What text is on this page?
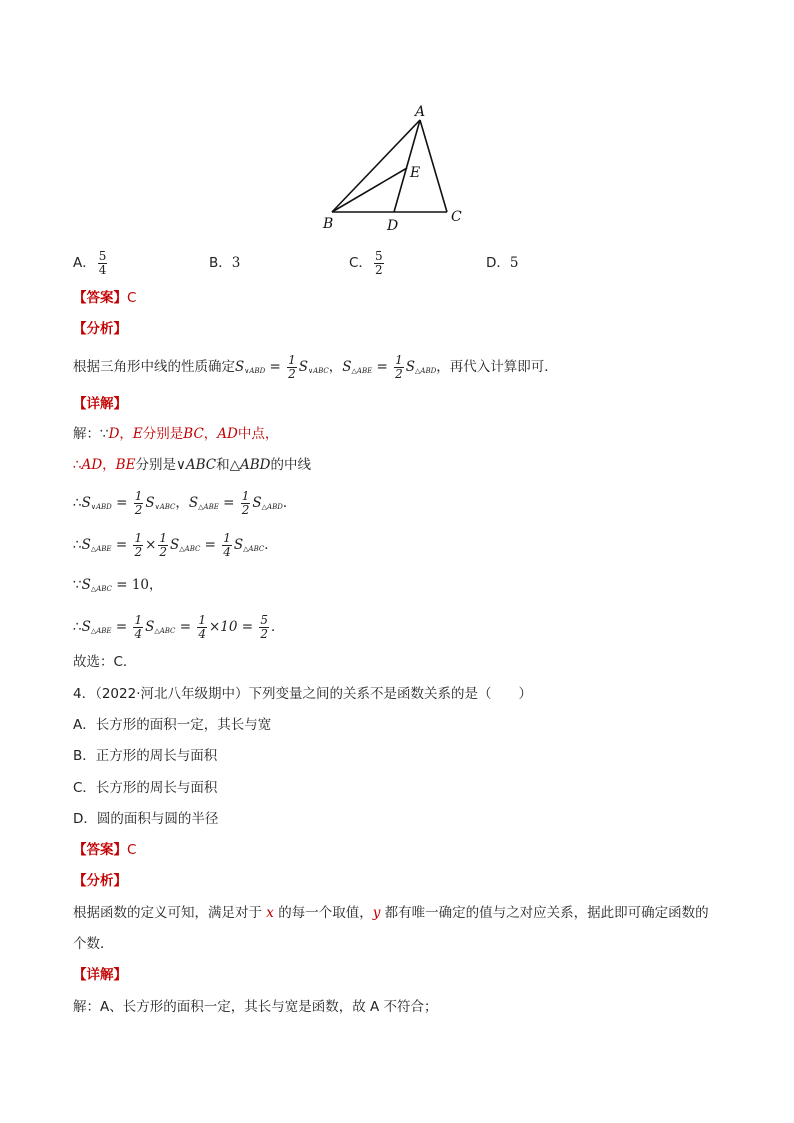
A
E
B	D
C
A． $\frac{5}{4}$	B．3	C． $\frac{5}{2}$	D．5
【答案】C
【分析】
根据三角形中线的性质确定$S_{\vee ABD} = \frac{1}{2} S_{\vee ABC}$，$S_{\triangle ABE} = \frac{1}{2} S_{\triangle ABD}$，再代入计算即可．
【详解】
解：∵D，E分别是BC，AD中点，
∴AD，BE分别是∨ABC和△ABD的中线
$\therefore S_{\vee ABD} = \frac{1}{2} S_{\vee ABC}$，$S_{\triangle ABE} = \frac{1}{2} S_{\triangle ABD}$．
$\therefore S_{\triangle ABE} = \frac{1}{2} \times \frac{1}{2} S_{\triangle ABC} = \frac{1}{4} S_{\triangle ABC}$．
$\because S_{\triangle ABC} = 10$，
$\therefore S_{\triangle ABE} = \frac{1}{4} S_{\triangle ABC} = \frac{1}{4} \times 10 = \frac{5}{2}$ ．
故选：C．
4．（2022·河北八年级期中）下列变量之间的关系不是函数关系的是（　　）
A．长方形的面积一定，其长与宽
B．正方形的周长与面积
C．长方形的周长与面积
D．圆的面积与圆的半径
【答案】C
【分析】
根据函数的定义可知，满足对于 x 的每一个取值，y 都有唯一确定的值与之对应关系，据此即可确定函数的
个数．
【详解】
解：A、长方形的面积一定，其长与宽是函数，故 A 不符合；
